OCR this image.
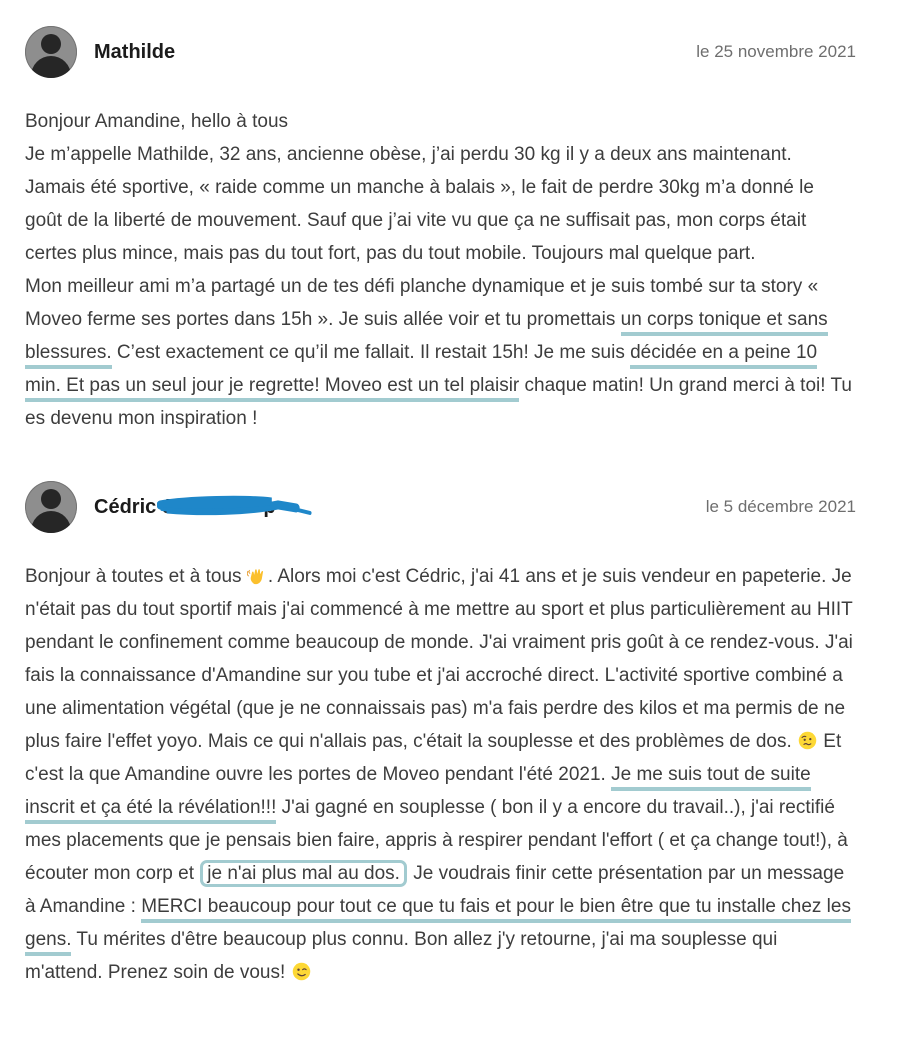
Mathilde	le 25 novembre 2021

Bonjour Amandine, hello à tous

Je m’appelle Mathilde, 32 ans, ancienne obèse, j’ai perdu 30 kg il y a deux ans maintenant. Jamais été sportive, « raide comme un manche à balais », le fait de perdre 30kg m’a donné le goût de la liberté de mouvement. Sauf que j’ai vite vu que ça ne suffisait pas, mon corps était certes plus mince, mais pas du tout fort, pas du tout mobile. Toujours mal quelque part.

Mon meilleur ami m’a partagé un de tes défi planche dynamique et je suis tombé sur ta story « Moveo ferme ses portes dans 15h ». Je suis allée voir et tu promettais un corps tonique et sans blessures. C’est exactement ce qu’il me fallait. Il restait 15h! Je me suis décidée en a peine 10 min. Et pas un seul jour je regrette! Moveo est un tel plaisir chaque matin! Un grand merci à toi! Tu es devenu mon inspiration !

Cédric J	p	le 5 décembre 2021

Bonjour à toutes et à tous . Alors moi c'est Cédric, j'ai 41 ans et je suis vendeur en papeterie. Je n'était pas du tout sportif mais j'ai commencé à me mettre au sport et plus particulièrement au HIIT pendant le confinement comme beaucoup de monde. J'ai vraiment pris goût à ce rendez-vous. J'ai fais la connaissance d'Amandine sur you tube et j'ai accroché direct. L'activité sportive combiné a une alimentation végétal (que je ne connaissais pas) m'a fais perdre des kilos et ma permis de ne plus faire l'effet yoyo. Mais ce qui n'allais pas, c'était la souplesse et des problèmes de dos.  Et c'est la que Amandine ouvre les portes de Moveo pendant l'été 2021. Je me suis tout de suite inscrit et ça été la révélation!!! J'ai gagné en souplesse ( bon il y a encore du travail..), j'ai rectifié mes placements que je pensais bien faire, appris à respirer pendant l'effort ( et ça change tout!), à écouter mon corp et je n'ai plus mal au dos. Je voudrais finir cette présentation par un message à Amandine : MERCI beaucoup pour tout ce que tu fais et pour le bien être que tu installe chez les gens. Tu mérites d'être beaucoup plus connu. Bon allez j'y retourne, j'ai ma souplesse qui m'attend. Prenez soin de vous!
